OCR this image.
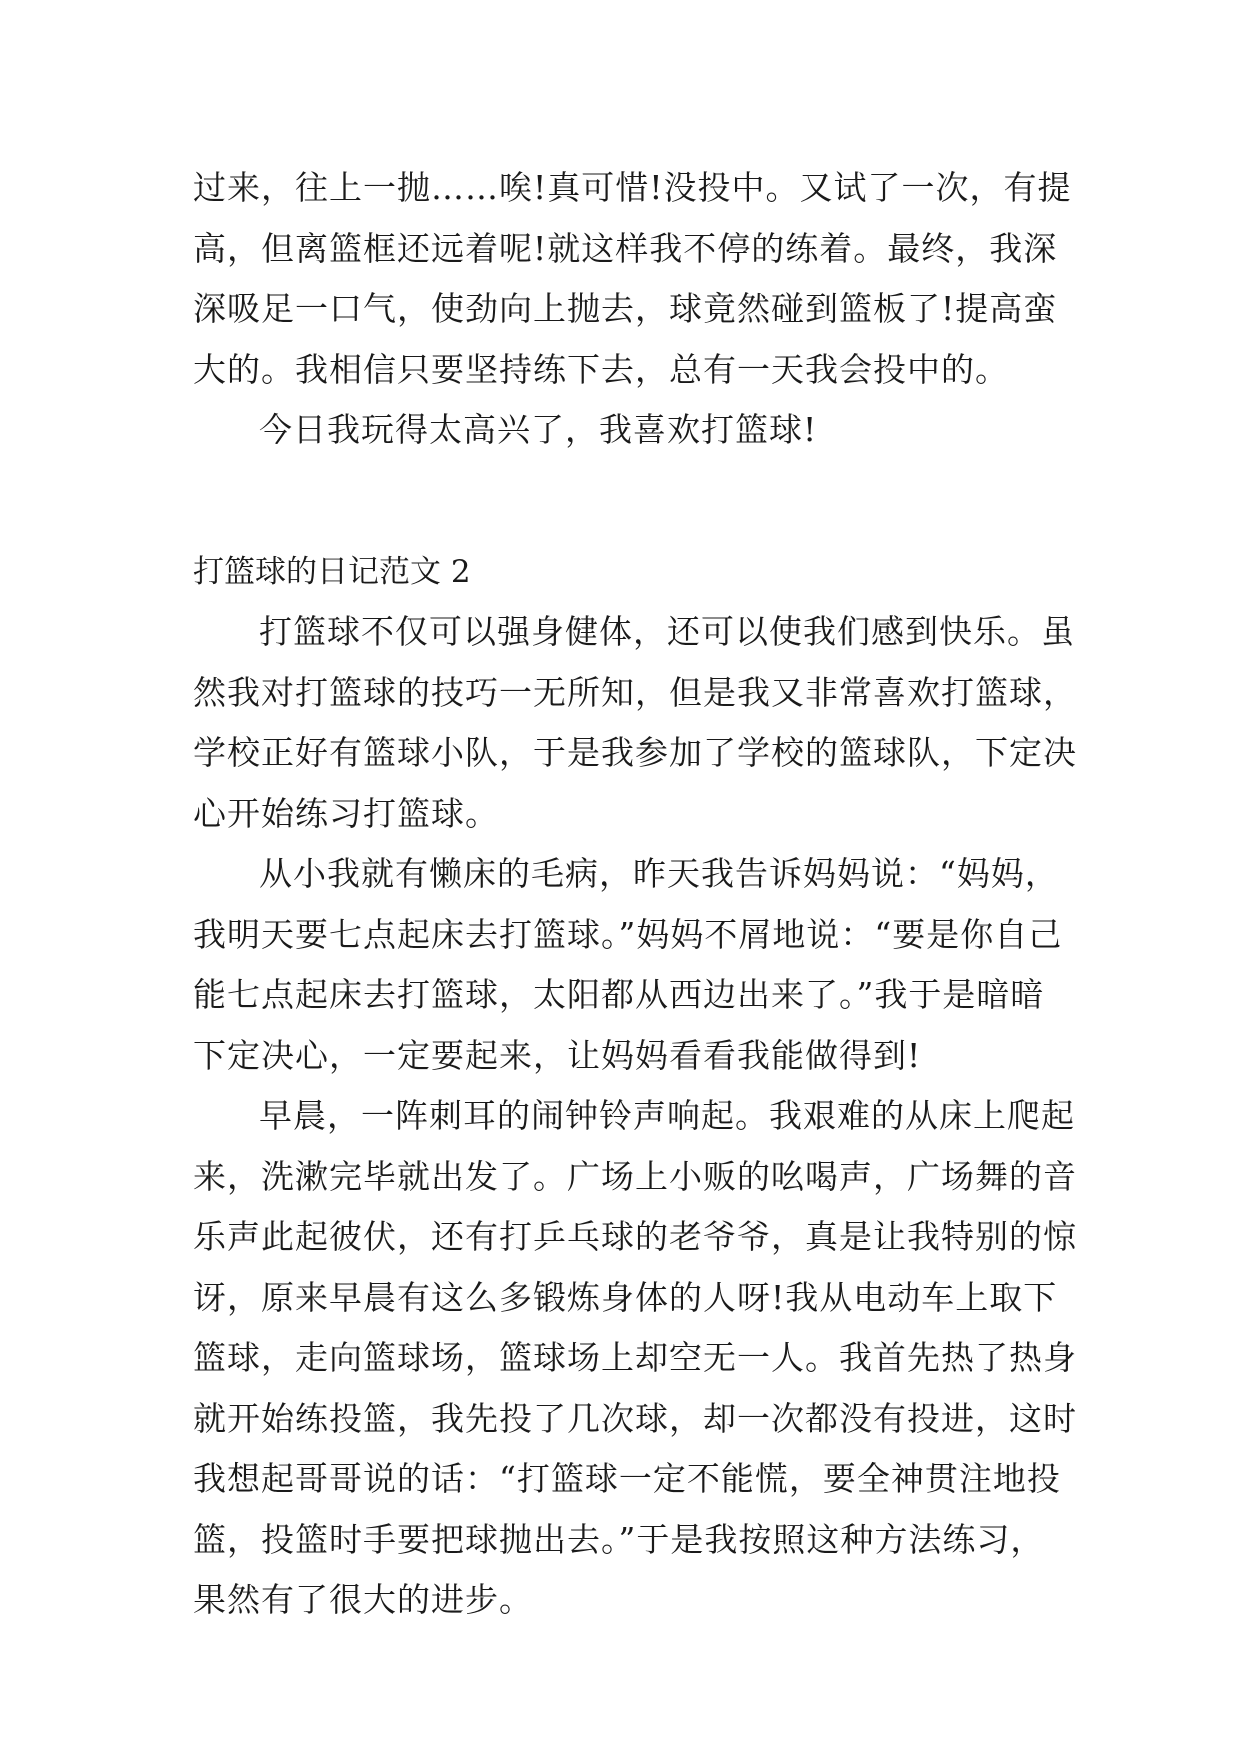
过来，往上一抛……唉!真可惜!没投中。又试了一次，有提
高，但离篮框还远着呢!就这样我不停的练着。最终，我深
深吸足一口气，使劲向上抛去，球竟然碰到篮板了!提高蛮
大的。我相信只要坚持练下去，总有一天我会投中的。
今日我玩得太高兴了，我喜欢打篮球!
打篮球的日记范文 2
打篮球不仅可以强身健体，还可以使我们感到快乐。虽
然我对打篮球的技巧一无所知，但是我又非常喜欢打篮球，
学校正好有篮球小队，于是我参加了学校的篮球队，下定决
心开始练习打篮球。
从小我就有懒床的毛病，昨天我告诉妈妈说：“妈妈，
我明天要七点起床去打篮球。”妈妈不屑地说：“要是你自己
能七点起床去打篮球，太阳都从西边出来了。”我于是暗暗
下定决心，一定要起来，让妈妈看看我能做得到!
早晨，一阵刺耳的闹钟铃声响起。我艰难的从床上爬起
来，洗漱完毕就出发了。广场上小贩的吆喝声，广场舞的音
乐声此起彼伏，还有打乒乓球的老爷爷，真是让我特别的惊
讶，原来早晨有这么多锻炼身体的人呀!我从电动车上取下
篮球，走向篮球场，篮球场上却空无一人。我首先热了热身
就开始练投篮，我先投了几次球，却一次都没有投进，这时
我想起哥哥说的话：“打篮球一定不能慌，要全神贯注地投
篮，投篮时手要把球抛出去。”于是我按照这种方法练习，
果然有了很大的进步。
